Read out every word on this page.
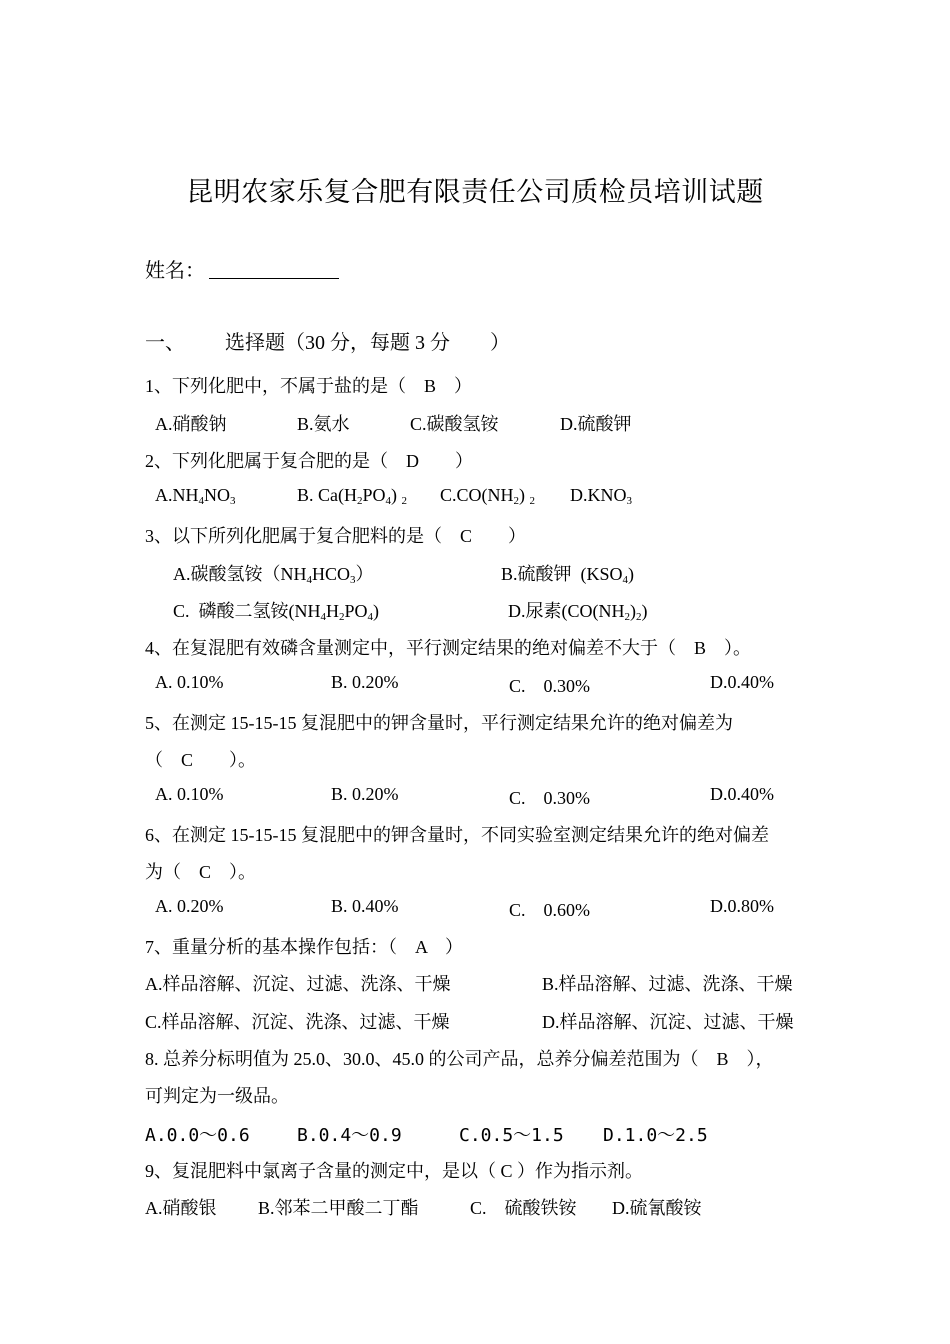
昆明农家乐复合肥有限责任公司质检员培训试题
姓名：
一、 选择题（30 分，每题 3 分　　）
1、下列化肥中，不属于盐的是（　B　）
A.硝酸钠	B.氨水	C.碳酸氢铵	D.硫酸钾
2、下列化肥属于复合肥的是（　D　　）
$A.NH_4NO_3$	B. $Ca(H_2PO_4)$ $_2$ $C.CO(NH_2)$ $_2$ $D.KNO_3$
3、以下所列化肥属于复合肥料的是（　C　　）
A.碳酸氢铵$(NH_4HCO_3)$	B.硫酸钾  $(KSO_4)$
C.  磷酸二氢铵$(NH_4H_2PO_4)$	D.尿素$(CO(NH_2)_2)$
4、在复混肥有效磷含量测定中，平行测定结果的绝对偏差不大于（　B　）。
A. 0.10%	B. 0.20%	C.　0.30%	D.0.40%
5、在测定 15-15-15 复混肥中的钾含量时，平行测定结果允许的绝对偏差为
（　C　　）。
A. 0.10%	B. 0.20%	C.　0.30%	D.0.40%
6、在测定 15-15-15 复混肥中的钾含量时，不同实验室测定结果允许的绝对偏差
为（　C　）。
A. 0.20%	B. 0.40%	C.　0.60%	D.0.80%
7、重量分析的基本操作包括：（　A　）
A.样品溶解、沉淀、过滤、洗涤、干燥	B.样品溶解、过滤、洗涤、干燥
C.样品溶解、沉淀、洗涤、过滤、干燥	D.样品溶解、沉淀、过滤、干燥
8. 总养分标明值为 25.0、30.0、45.0 的公司产品，总养分偏差范围为（　B　），
可判定为一级品。
A.0.0～0.6	B.0.4～0.9	C.0.5～1.5 D.1.0～2.5
9、复混肥料中氯离子含量的测定中，是以（ C ）作为指示剂。
A.硝酸银 B.邻苯二甲酸二丁酯	C.　硫酸铁铵 D.硫氰酸铵
